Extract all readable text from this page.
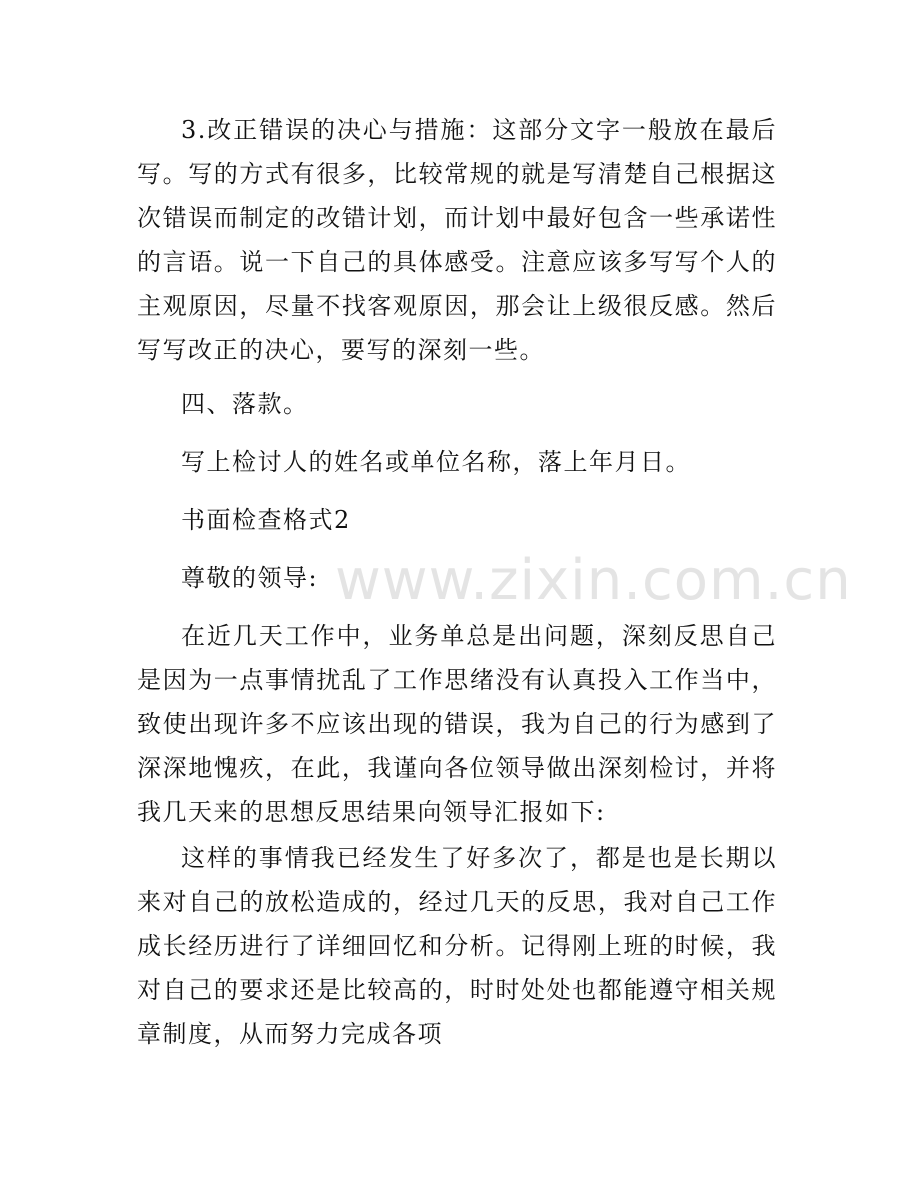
3.改正错误的决心与措施：这部分文字一般放在最后写。写的方式有很多，比较常规的就是写清楚自己根据这次错误而制定的改错计划，而计划中最好包含一些承诺性的言语。说一下自己的具体感受。注意应该多写写个人的主观原因，尽量不找客观原因，那会让上级很反感。然后写写改正的决心，要写的深刻一些。

四、落款。

写上检讨人的姓名或单位名称，落上年月日。

书面检查格式2

尊敬的领导:

在近几天工作中，业务单总是出问题，深刻反思自己是因为一点事情扰乱了工作思绪没有认真投入工作当中，致使出现许多不应该出现的错误，我为自己的行为感到了深深地愧疚，在此，我谨向各位领导做出深刻检讨，并将我几天来的思想反思结果向领导汇报如下:

这样的事情我已经发生了好多次了，都是也是长期以来对自己的放松造成的，经过几天的反思，我对自己工作成长经历进行了详细回忆和分析。记得刚上班的时候，我对自己的要求还是比较高的，时时处处也都能遵守相关规章制度，从而努力完成各项

www.zixin.com.cn
